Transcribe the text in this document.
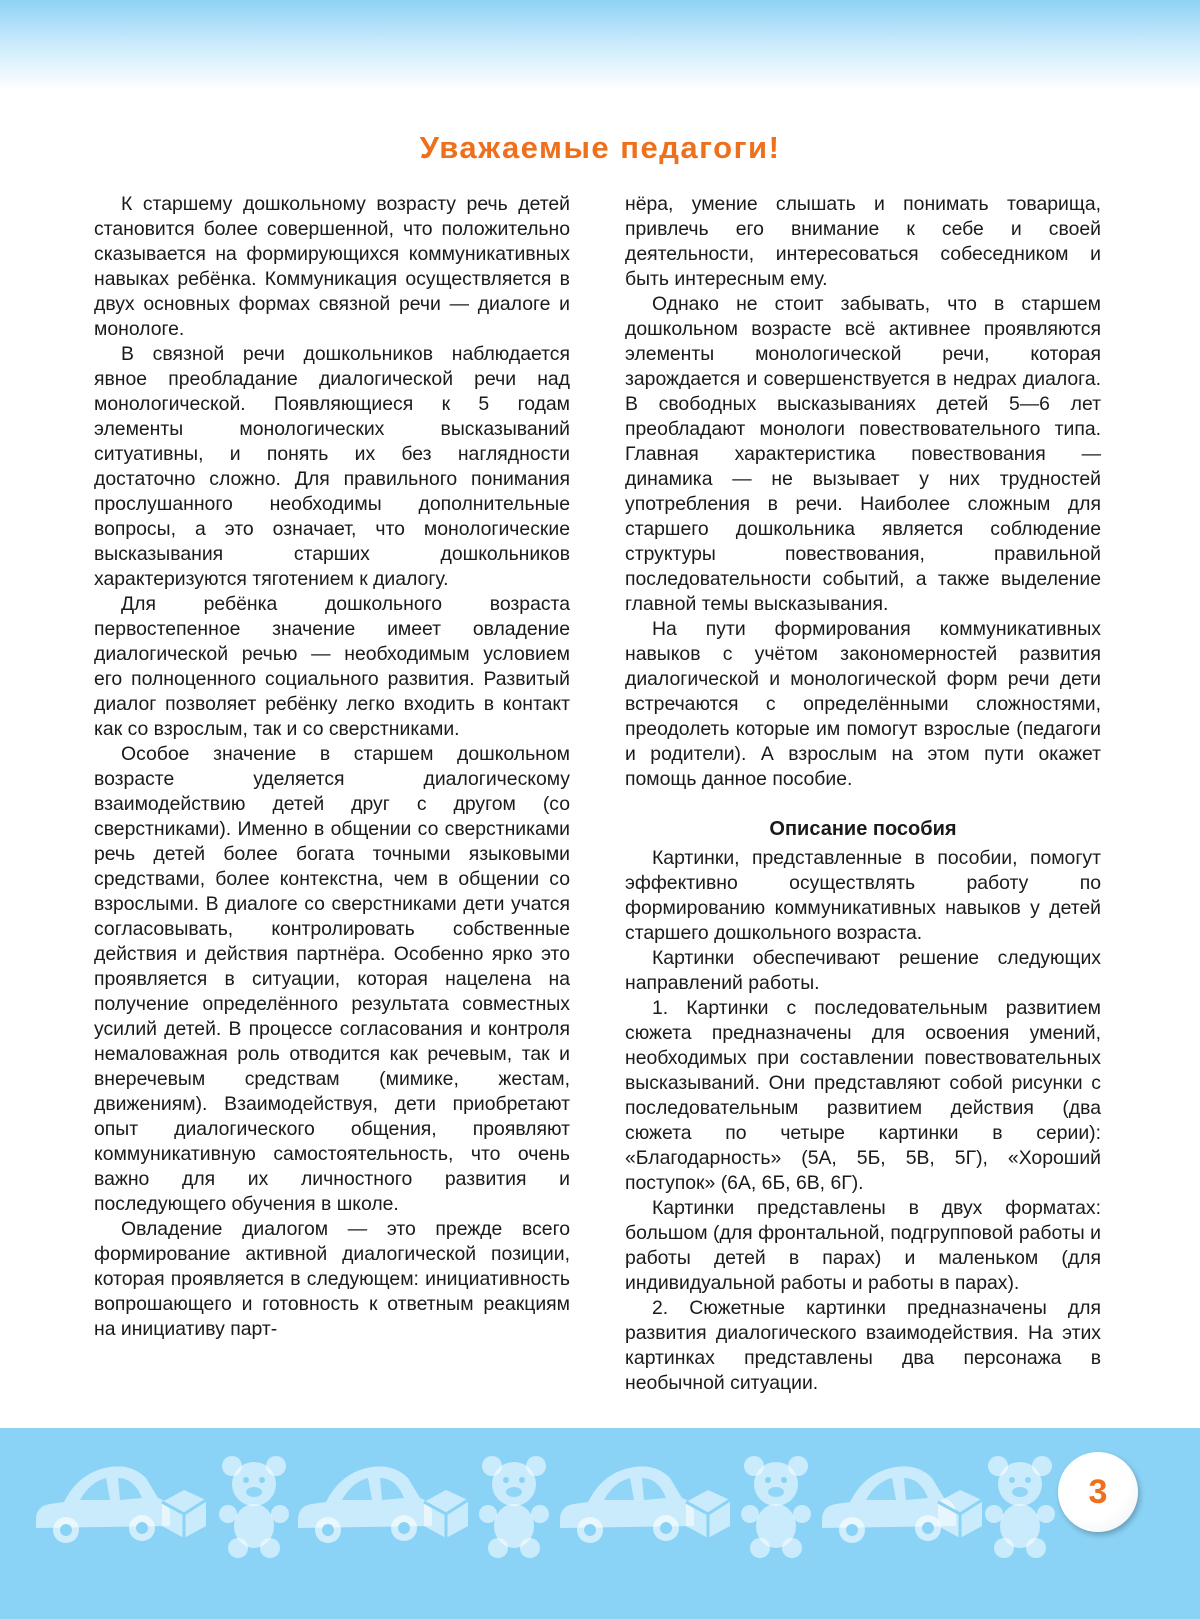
Уважаемые педагоги!

К старшему дошкольному возрасту речь детей становится более совершенной, что положительно сказывается на формирующихся коммуникативных навыках ребёнка. Коммуникация осуществляется в двух основных формах связной речи — диалоге и монологе.

В связной речи дошкольников наблюдается явное преобладание диалогической речи над монологической. Появляющиеся к 5 годам элементы монологических высказываний ситуативны, и понять их без наглядности достаточно сложно. Для правильного понимания прослушанного необходимы дополнительные вопросы, а это означает, что монологические высказывания старших дошкольников характеризуются тяготением к диалогу.

Для ребёнка дошкольного возраста первостепенное значение имеет овладение диалогической речью — необходимым условием его полноценного социального развития. Развитый диалог позволяет ребёнку легко входить в контакт как со взрослым, так и со сверстниками.

Особое значение в старшем дошкольном возрасте уделяется диалогическому взаимодействию детей друг с другом (со сверстниками). Именно в общении со сверстниками речь детей более богата точными языковыми средствами, более контекстна, чем в общении со взрослыми. В диалоге со сверстниками дети учатся согласовывать, контролировать собственные действия и действия партнёра. Особенно ярко это проявляется в ситуации, которая нацелена на получение определённого результата совместных усилий детей. В процессе согласования и контроля немаловажная роль отводится как речевым, так и внеречевым средствам (мимике, жестам, движениям). Взаимодействуя, дети приобретают опыт диалогического общения, проявляют коммуникативную самостоятельность, что очень важно для их личностного развития и последующего обучения в школе.

Овладение диалогом — это прежде всего формирование активной диалогической позиции, которая проявляется в следующем: инициативность вопрошающего и готовность к ответным реакциям на инициативу парт-

нёра, умение слышать и понимать товарища, привлечь его внимание к себе и своей деятельности, интересоваться собеседником и быть интересным ему.

Однако не стоит забывать, что в старшем дошкольном возрасте всё активнее проявляются элементы монологической речи, которая зарождается и совершенствуется в недрах диалога. В свободных высказываниях детей 5—6 лет преобладают монологи повествовательного типа. Главная характеристика повествования — динамика — не вызывает у них трудностей употребления в речи. Наиболее сложным для старшего дошкольника является соблюдение структуры повествования, правильной последовательности событий, а также выделение главной темы высказывания.

На пути формирования коммуникативных навыков с учётом закономерностей развития диалогической и монологической форм речи дети встречаются с определёнными сложностями, преодолеть которые им помогут взрослые (педагоги и родители). А взрослым на этом пути окажет помощь данное пособие.

Описание пособия

Картинки, представленные в пособии, помогут эффективно осуществлять работу по формированию коммуникативных навыков у детей старшего дошкольного возраста.

Картинки обеспечивают решение следующих направлений работы.

1. Картинки с последовательным развитием сюжета предназначены для освоения умений, необходимых при составлении повествовательных высказываний. Они представляют собой рисунки с последовательным развитием действия (два сюжета по четыре картинки в серии): «Благодарность» (5А, 5Б, 5В, 5Г), «Хороший поступок» (6А, 6Б, 6В, 6Г).

Картинки представлены в двух форматах: большом (для фронтальной, подгрупповой работы и работы детей в парах) и маленьком (для индивидуальной работы и работы в парах).

2. Сюжетные картинки предназначены для развития диалогического взаимодействия. На этих картинках представлены два персонажа в необычной ситуации.

3
